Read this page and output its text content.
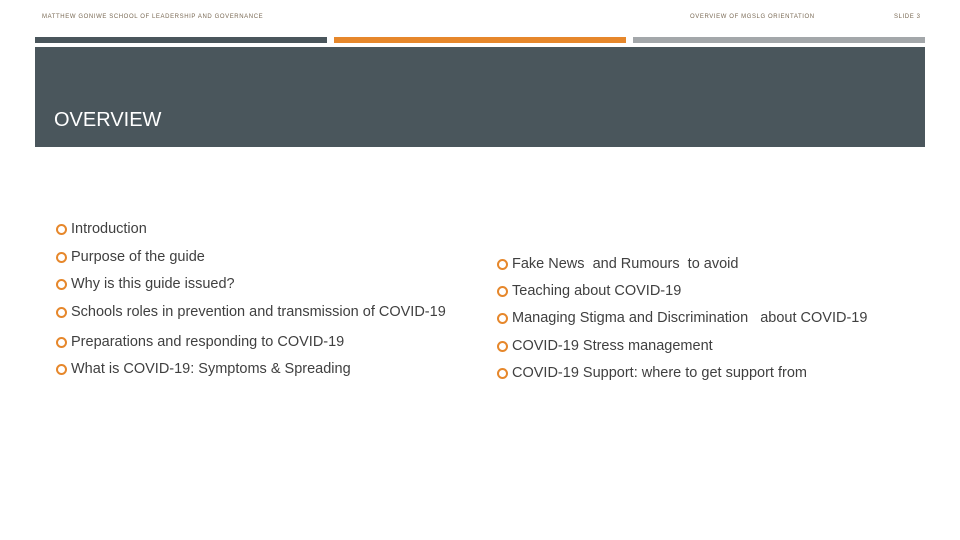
MATTHEW GONIWE SCHOOL OF LEADERSHIP AND GOVERNANCE	OVERVIEW OF MGSLG ORIENTATION	SLIDE 3
OVERVIEW
Introduction
Purpose of the guide
Why is this guide issued?
Schools roles in prevention and transmission of COVID-19
Preparations and responding to COVID-19
What is COVID-19: Symptoms & Spreading
Fake News  and Rumours  to avoid
Teaching about COVID-19
Managing Stigma and Discrimination   about COVID-19
COVID-19 Stress management
COVID-19 Support: where to get support from
